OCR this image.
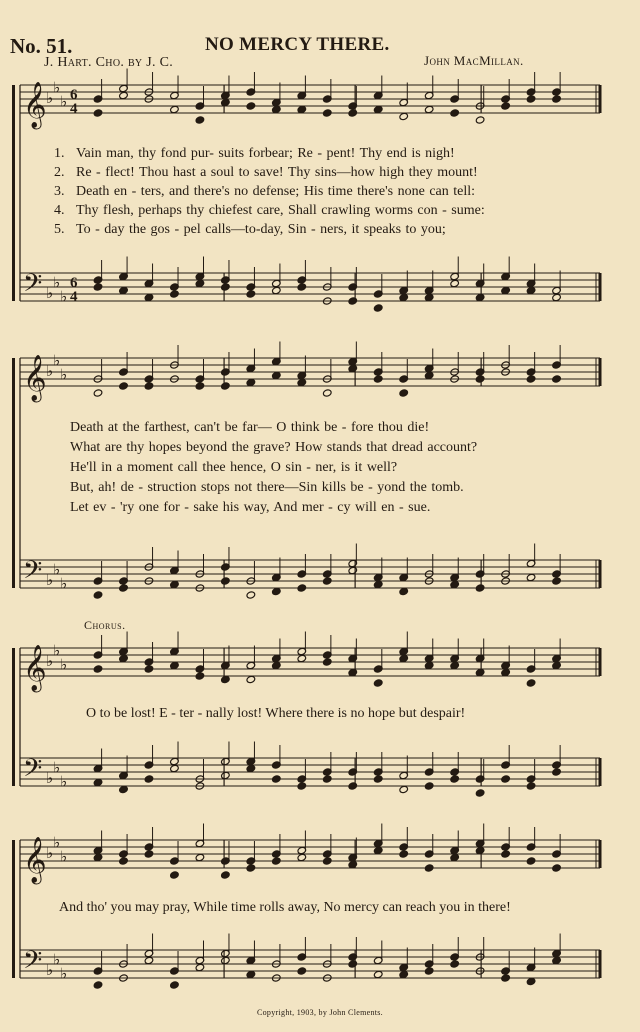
No. 51.	NO MERCY THERE.
J. Hart. Cho. by J. C.	John MacMillan.
𝄞 ♭
♭
♭ 6
4
𝄢 ♭
♭
♭
6
4
𝄞 ♭
♭
♭
𝄢 ♭
♭
♭
𝄞 ♭
♭
♭
𝄢 ♭
♭
♭
𝄞 ♭
♭
♭
𝄢 ♭
♭
♭
1. Vain man, thy fond pur- suits forbear; Re - pent! Thy end is nigh!
2. Re - flect! Thou hast a soul to save! Thy sins—how high they mount!
3. Death en - ters, and there's no defense; His time there's none can tell:
4. Thy flesh, perhaps thy chiefest care, Shall crawling worms con - sume:
5. To - day the gos - pel calls—to-day, Sin - ners, it speaks to you;
Death at the farthest, can't be far— O think be - fore thou die!
What are thy hopes beyond the grave? How stands that dread account?
He'll in a moment call thee hence, O sin - ner, is it well?
But, ah! de - struction stops not there—Sin kills be - yond the tomb.
Let ev - 'ry one for - sake his way, And mer - cy will en - sue.
Chorus.
O to be lost! E - ter - nally lost! Where there is no hope but despair!
And tho' you may pray, While time rolls away, No mercy can reach you in there!
Copyright, 1903, by John Clements.
